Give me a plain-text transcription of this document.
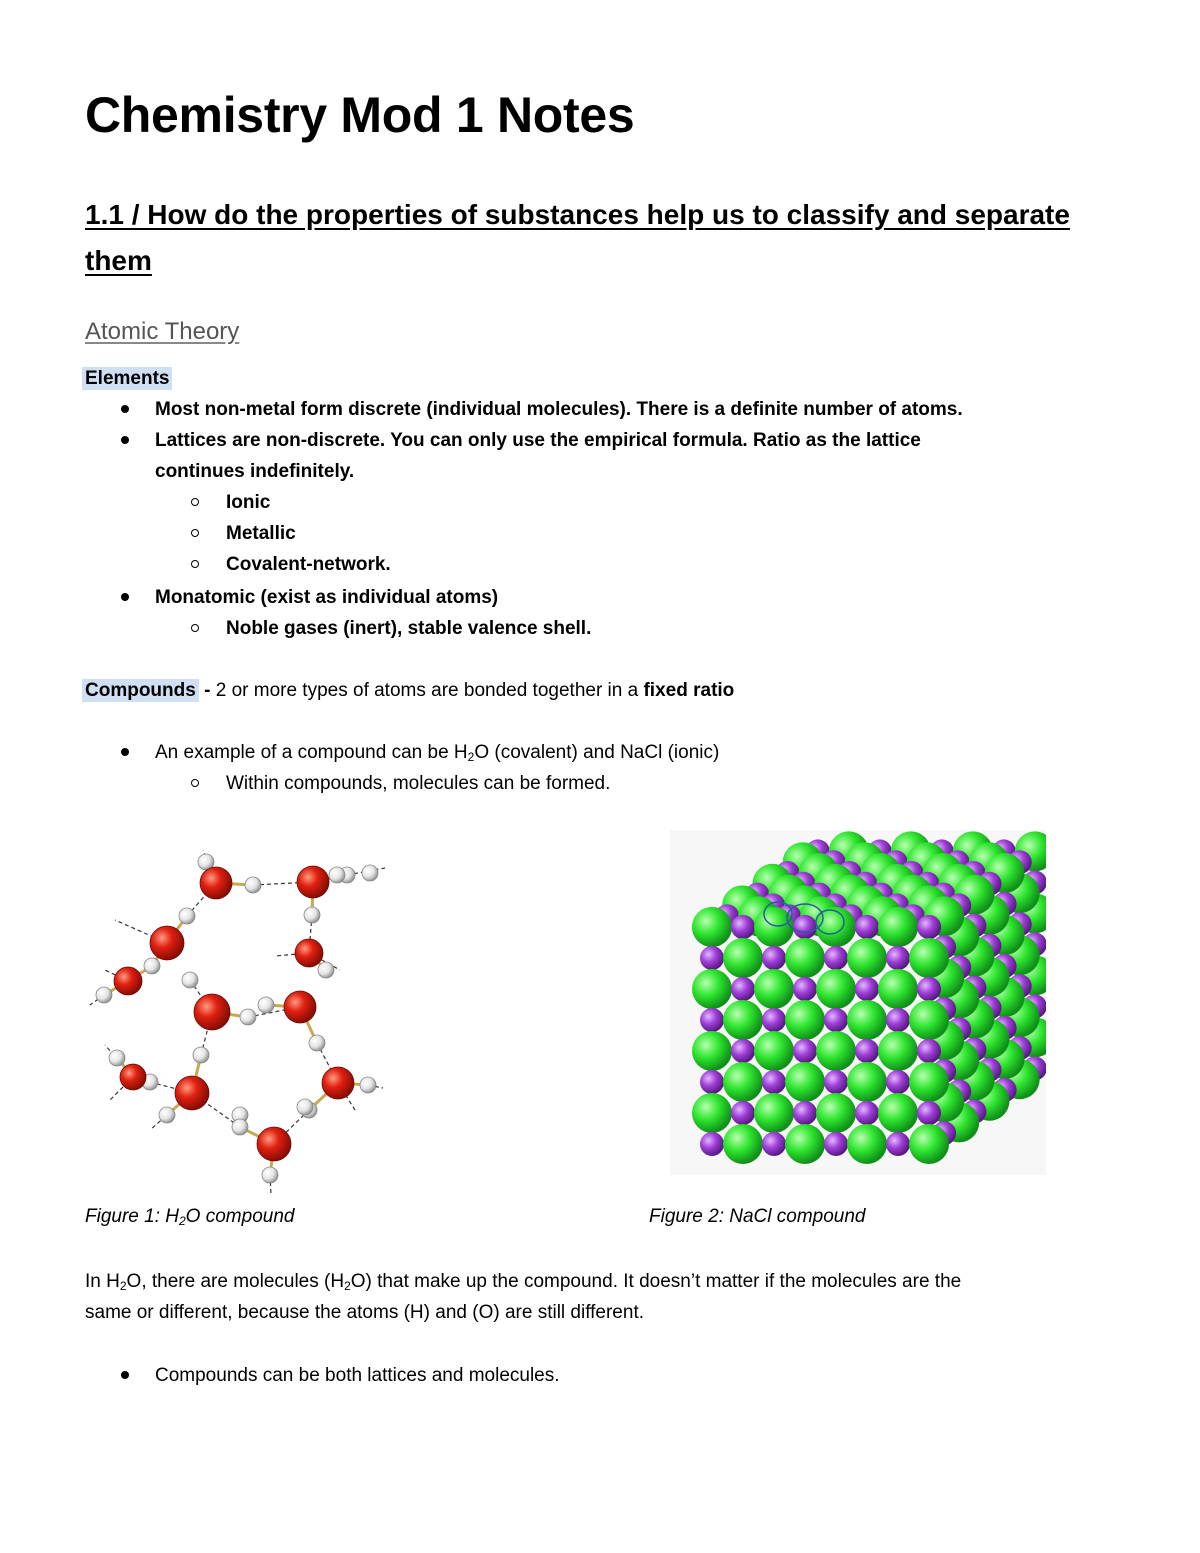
Chemistry Mod 1 Notes
1.1 / How do the properties of substances help us to classify and separate them
Atomic Theory
Elements
Most non-metal form discrete (individual molecules). There is a definite number of atoms.
Lattices are non-discrete. You can only use the empirical formula. Ratio as the lattice
continues indefinitely.
Ionic
Metallic
Covalent-network.
Monatomic (exist as individual atoms)
Noble gases (inert), stable valence shell.
Compounds - 2 or more types of atoms are bonded together in a fixed ratio
An example of a compound can be $H_2O$ (covalent) and NaCl (ionic)
Within compounds, molecules can be formed.
Figure 1: $H_2O$ compound	Figure 2: NaCl compound
In $H_2O$, there are molecules $(H_2O)$ that make up the compound. It doesn’t matter if the molecules are the
same or different, because the atoms (H) and (O) are still different.
Compounds can be both lattices and molecules.
